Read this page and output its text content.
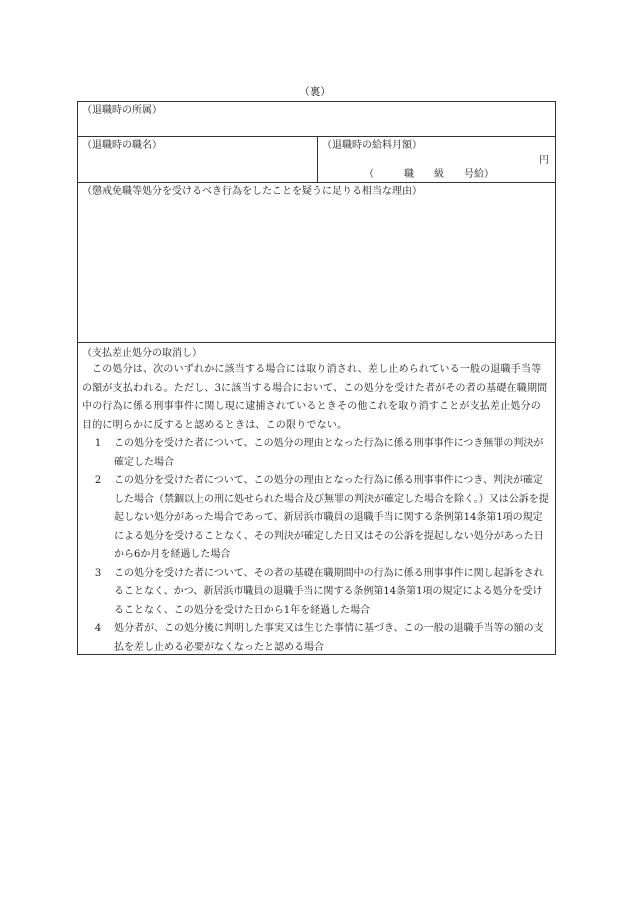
（裏）
（退職時の所属）
（退職時の職名）	（退職時の給料月額）
円
（　　　職　　級　　号給）
（懲戒免職等処分を受けるべき行為をしたことを疑うに足りる相当な理由）
（支払差止処分の取消し）

この処分は、次のいずれかに該当する場合には取り消され、差し止められている一般の退職手当等の額が支払われる。ただし、3に該当する場合において、この処分を受けた者がその者の基礎在職期間中の行為に係る刑事事件に関し現に逮捕されているときその他これを取り消すことが支払差止処分の目的に明らかに反すると認めるときは、この限りでない。

1	この処分を受けた者について、この処分の理由となった行為に係る刑事事件につき無罪の判決が確定した場合
2	この処分を受けた者について、この処分の理由となった行為に係る刑事事件につき、判決が確定した場合（禁錮以上の刑に処せられた場合及び無罪の判決が確定した場合を除く。）又は公訴を提起しない処分があった場合であって、新居浜市職員の退職手当に関する条例第14条第1項の規定による処分を受けることなく、その判決が確定した日又はその公訴を提起しない処分があった日から6か月を経過した場合
3	この処分を受けた者について、その者の基礎在職期間中の行為に係る刑事事件に関し起訴をされることなく、かつ、新居浜市職員の退職手当に関する条例第14条第1項の規定による処分を受けることなく、この処分を受けた日から1年を経過した場合
4	処分者が、この処分後に判明した事実又は生じた事情に基づき、この一般の退職手当等の額の支払を差し止める必要がなくなったと認める場合
